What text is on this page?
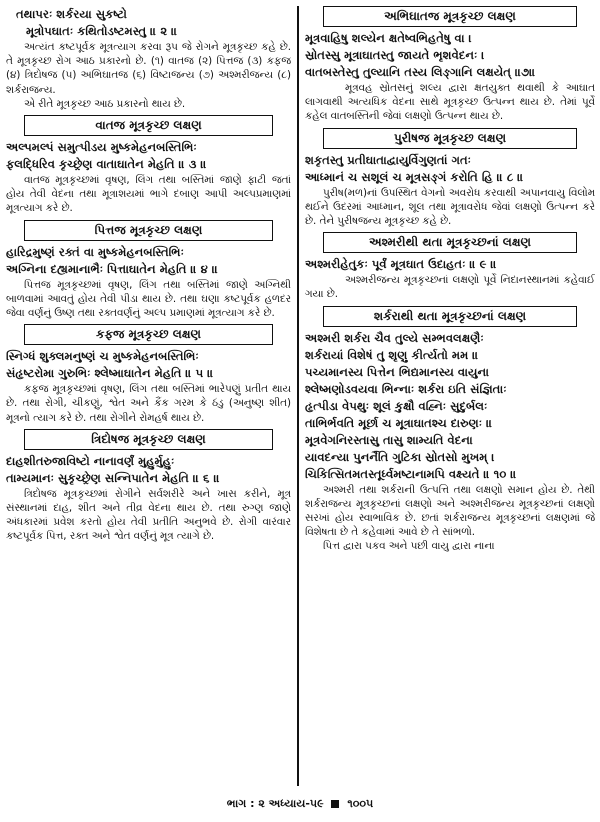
તથાપરઃ શર્કરયા સુકષ્ટો
મૂત્રોપઘાતઃ કથિતોડષ્ટમસ્તુ ॥ ૨ ॥

અત્યંત કષ્ટપૂર્વક મૂત્રત્યાગ કરવા રૂપ જે રોગને મૂત્રકૃચ્છ કહે છે. તે મૂત્રકૃચ્છ રોગ આઠ પ્રકારનો છે. (૧) વાતજ (૨) પિત્તજ (૩) કફજ (૪) ત્રિદોષજ (૫) અભિઘાતજ (૬) વિષ્ટાજન્ય (૭) અશ્મરીજન્ય (૮) શર્કરાજન્ય.

એ રીતે મૂત્રકૃચ્છ આઠ પ્રકારનો થાય છે.

વાતજ મૂત્રકૃચ્છ લક્ષણ
અલ્પમલ્પં સમુત્પીડય મુષ્કમેહનબસ્તિભિઃ
ફલદ્ધિરિવ કૃચ્છ્રેણ વાતાઘાતેન મેહતિ ॥ ૩ ॥

વાતજ મૂત્રકૃચ્છમાં વૃષણ, લિંગ તથા બસ્તિમાં જાણે ફાટી જતાં હોય તેવી વેદના તથા મૂત્રાશયમાં ભાગે દબાણ આપી અલ્પપ્રમાણમાં મૂત્રત્યાગ કરે છે.

પિત્તજ મૂત્રકૃચ્છ લક્ષણ
હારિદ્રમુષ્ણં રક્તં વા મુષ્કમેહનબસ્તિભિઃ
અગ્નિના દહ્યમાનાભૈઃ પિત્તાઘાતેન મેહતિ ॥ ૪ ॥

પિત્તજ મૂત્રકૃચ્છમાં વૃષણ, લિંગ તથા બસ્તિમાં જાણે અગ્નિથી બાળવામાં આવતું હોય તેવી પીડા થાય છે. તથા ઘણા કષ્ટપૂર્વક હળદર જેવા વર્ણનું ઉષ્ણ તથા રક્તવર્ણનું અલ્પ પ્રમાણમાં મૂત્રત્યાગ કરે છે.

કફજ મૂત્રકૃચ્છ લક્ષણ
સ્નિગ્ધં શુક્લમનુષ્ણં ચ મુષ્કમેહનબસ્તિભિઃ
સંહૃષ્ટરોમા ગુરુભિઃ શ્લેષ્માઘાતેન મેહતિ ॥ ૫ ॥

કફજ મૂત્રકૃચ્છમાં વૃષણ, લિંગ તથા બસ્તિમાં ભારેપણું પ્રતીત થાય છે. તથા રોગી, ચીકણું, શ્વેત અને કૈંક ગરમ કે ઠંડુ (અનુષ્ણ શીત) મૂત્રનો ત્યાગ કરે છે. તથા રોગીને રોમહર્ષ થાય છે.

ત્રિદોષજ મૂત્રકૃચ્છ લક્ષણ
દાહશીતરુજાવિષ્ટો નાનાવર્ણં મુહુર્મુહુઃ
તામ્યમાનઃ સુકૃચ્છ્રેણ સન્નિપાતેન મેહતિ ॥ ૬ ॥

ત્રિદોષજ મૂત્રકૃચ્છમાં રોગીને સર્વશરીરે અને ખાસ કરીને, મૂત્ર સંસ્થાનમાં દાહ, શીત અને તીવ્ર વેદના થાય છે. તથા રુગ્ણ જાણે અંધકારમાં પ્રવેશ કરતો હોય તેવી પ્રતીતિ અનુભવે છે. રોગી વારંવાર કષ્ટપૂર્વક પિત્ત, રક્ત અને શ્વેત વર્ણનું મૂત્ર ત્યાગે છે.

અભિઘાતજ મૂત્રકૃચ્છ લક્ષણ
મૂત્રવાહિષુ શલ્યેન ક્ષતેષ્વભિહતેષુ વા ।
સ્રોતસ્સુ મૂત્રાઘાતસ્તુ જાયતે ભૃશવેદનઃ ।
વાતબસ્તેસ્તુ તુલ્યાનિ તસ્ય લિઙ્ગાનિ લક્ષયેત્ ॥૭॥

મૂત્રવહ સ્રોતસનું શલ્ય દ્વારા ક્ષતયુક્ત થવાથી કે આઘાત લાગવાથી અત્યધિક વેદના સાથે મૂત્રકૃચ્છ ઉત્પન્ન થાય છે. તેમાં પૂર્વે કહેલ વાતબસ્તિની જેવાં લક્ષણો ઉત્પન્ન થાય છે.

પુરીષજ મૂત્રકૃચ્છ લક્ષણ
શકૃતસ્તુ પ્રતીઘાતાદ્વાયુર્વિગુણતાં ગતઃ
આધ્માનં ચ સશૂલં ચ મૂત્રસઙ્ગં કરોતિ હિ ॥ ૮ ॥

પુરીષ(મળ)નાં ઉપસ્થિત વેગનો અવરોધ કરવાથી અપાનવાયુ વિલોમ થઈને ઉદરમાં આધ્માન, શૂલ તથા મૂત્રાવરોધ જેવાં લક્ષણો ઉત્પન્ન કરે છે. તેને પુરીષજન્ય મૂત્રકૃચ્છ કહે છે.

અશ્મરીથી થતા મૂત્રકૃચ્છનાં લક્ષણ
અશ્મરીહેતુકઃ પૂર્વં મૂત્રઘાત ઉદાહતઃ ॥ ૯ ॥

અશ્મરીજન્ય મૂત્રકૃચ્છનાં લક્ષણો પૂર્વે નિદાનસ્થાનમાં કહેવાઈ ગયા છે.

શર્કરાથી થતા મૂત્રકૃચ્છનાં લક્ષણ
અશ્મરી શર્કરા ચૈવ તુલ્યે સમ્ભવલક્ષણૈઃ
શર્કરાયાં વિશેષં તુ શૃણુ કીર્ત્યતો મમ ॥
પચ્યમાનસ્ય પિત્તેન ભિદ્યમાનસ્ય વાયુના
શ્લેષ્મણોડવયવા ભિન્નાઃ શર્કરા ઇતિ સંજ્ઞિતાઃ
હૃત્પીડા વેપથુઃ શૂલં કુક્ષૌ વહ્નિઃ સુદુર્બલઃ
તાભિર્ભવતિ મૂર્છા ચ મૂત્રાઘાતશ્ચ દારુણઃ ॥
મૂત્રવેગનિરસ્તાસુ તાસુ શામ્યતિ વેદના
યાવદન્યા પુનર્નૈતિ ગુટિકા સ્રોતસો મુખમ્ ।
ચિકિત્સિતમતસ્તૂર્ધ્વમષ્ટાનામપિ વક્ષ્યતે ॥ ૧૦ ॥

અશ્મરી તથા શર્કરાની ઉત્પત્તિ તથા લક્ષણો સમાન હોય છે. તેથી શર્કરાજન્ય મૂત્રકૃચ્છનાં લક્ષણો અને અશ્મરીજન્ય મૂત્રકૃચ્છનાં લક્ષણો સરખાં હોય સ્વાભાવિક છે. છતાં શર્કરાજન્ય મૂત્રકૃચ્છનાં લક્ષણમાં જે વિશેષતા છે તે કહેવામાં આવે છે તે સાંભળો.

પિત્ત દ્વારા પકવ અને પછી વાયુ દ્વારા નાના

ભાગ : ૨ અધ્યાય-૫૯ ૧૦૦૫
